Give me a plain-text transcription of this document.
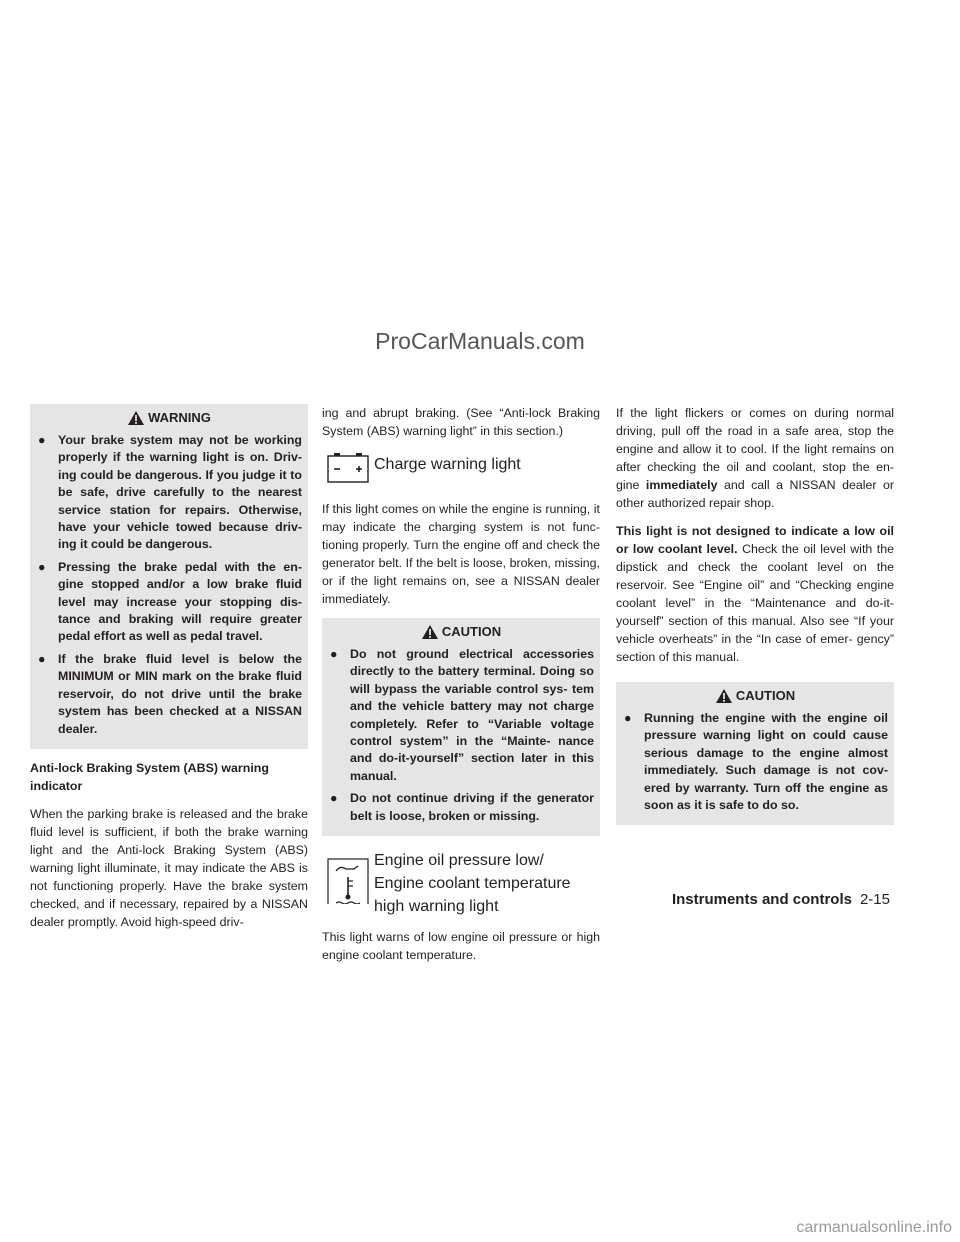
ProCarManuals.com
WARNING
●	Your brake system may not be working properly if the warning light is on. Driv- ing could be dangerous. If you judge it to be safe, drive carefully to the nearest service station for repairs. Otherwise, have your vehicle towed because driv- ing it could be dangerous.
●	Pressing the brake pedal with the en- gine stopped and/or a low brake fluid level may increase your stopping dis- tance and braking will require greater pedal effort as well as pedal travel.
●	If the brake fluid level is below the MINIMUM or MIN mark on the brake fluid reservoir, do not drive until the brake system has been checked at a NISSAN dealer.
Anti-lock Braking System (ABS) warning indicator

When the parking brake is released and the brake fluid level is sufficient, if both the brake warning light and the Anti-lock Braking System (ABS) warning light illuminate, it may indicate the ABS is not functioning properly. Have the brake system checked, and if necessary, repaired by a NISSAN dealer promptly. Avoid high-speed driv-

ing and abrupt braking. (See “Anti-lock Braking System (ABS) warning light” in this section.)

Charge warning light

If this light comes on while the engine is running, it may indicate the charging system is not func- tioning properly. Turn the engine off and check the generator belt. If the belt is loose, broken, missing, or if the light remains on, see a NISSAN dealer immediately.

CAUTION
●	Do not ground electrical accessories directly to the battery terminal. Doing so will bypass the variable control sys- tem and the vehicle battery may not charge completely. Refer to “Variable voltage control system” in the “Mainte- nance and do-it-yourself” section later in this manual.
●	Do not continue driving if the generator belt is loose, broken or missing.
Engine oil pressure low/
Engine coolant temperature
high warning light

This light warns of low engine oil pressure or high engine coolant temperature.

If the light flickers or comes on during normal driving, pull off the road in a safe area, stop the engine and allow it to cool. If the light remains on after checking the oil and coolant, stop the en- gine immediately and call a NISSAN dealer or other authorized repair shop.

This light is not designed to indicate a low oil or low coolant level. Check the oil level with the dipstick and check the coolant level on the reservoir. See “Engine oil” and “Checking engine coolant level” in the “Maintenance and do-it-yourself” section of this manual. Also see “If your vehicle overheats” in the “In case of emer- gency” section of this manual.

CAUTION
●	Running the engine with the engine oil pressure warning light on could cause serious damage to the engine almost immediately. Such damage is not cov- ered by warranty. Turn off the engine as soon as it is safe to do so.
Instruments and controls 2-15
carmanualsonline.info
